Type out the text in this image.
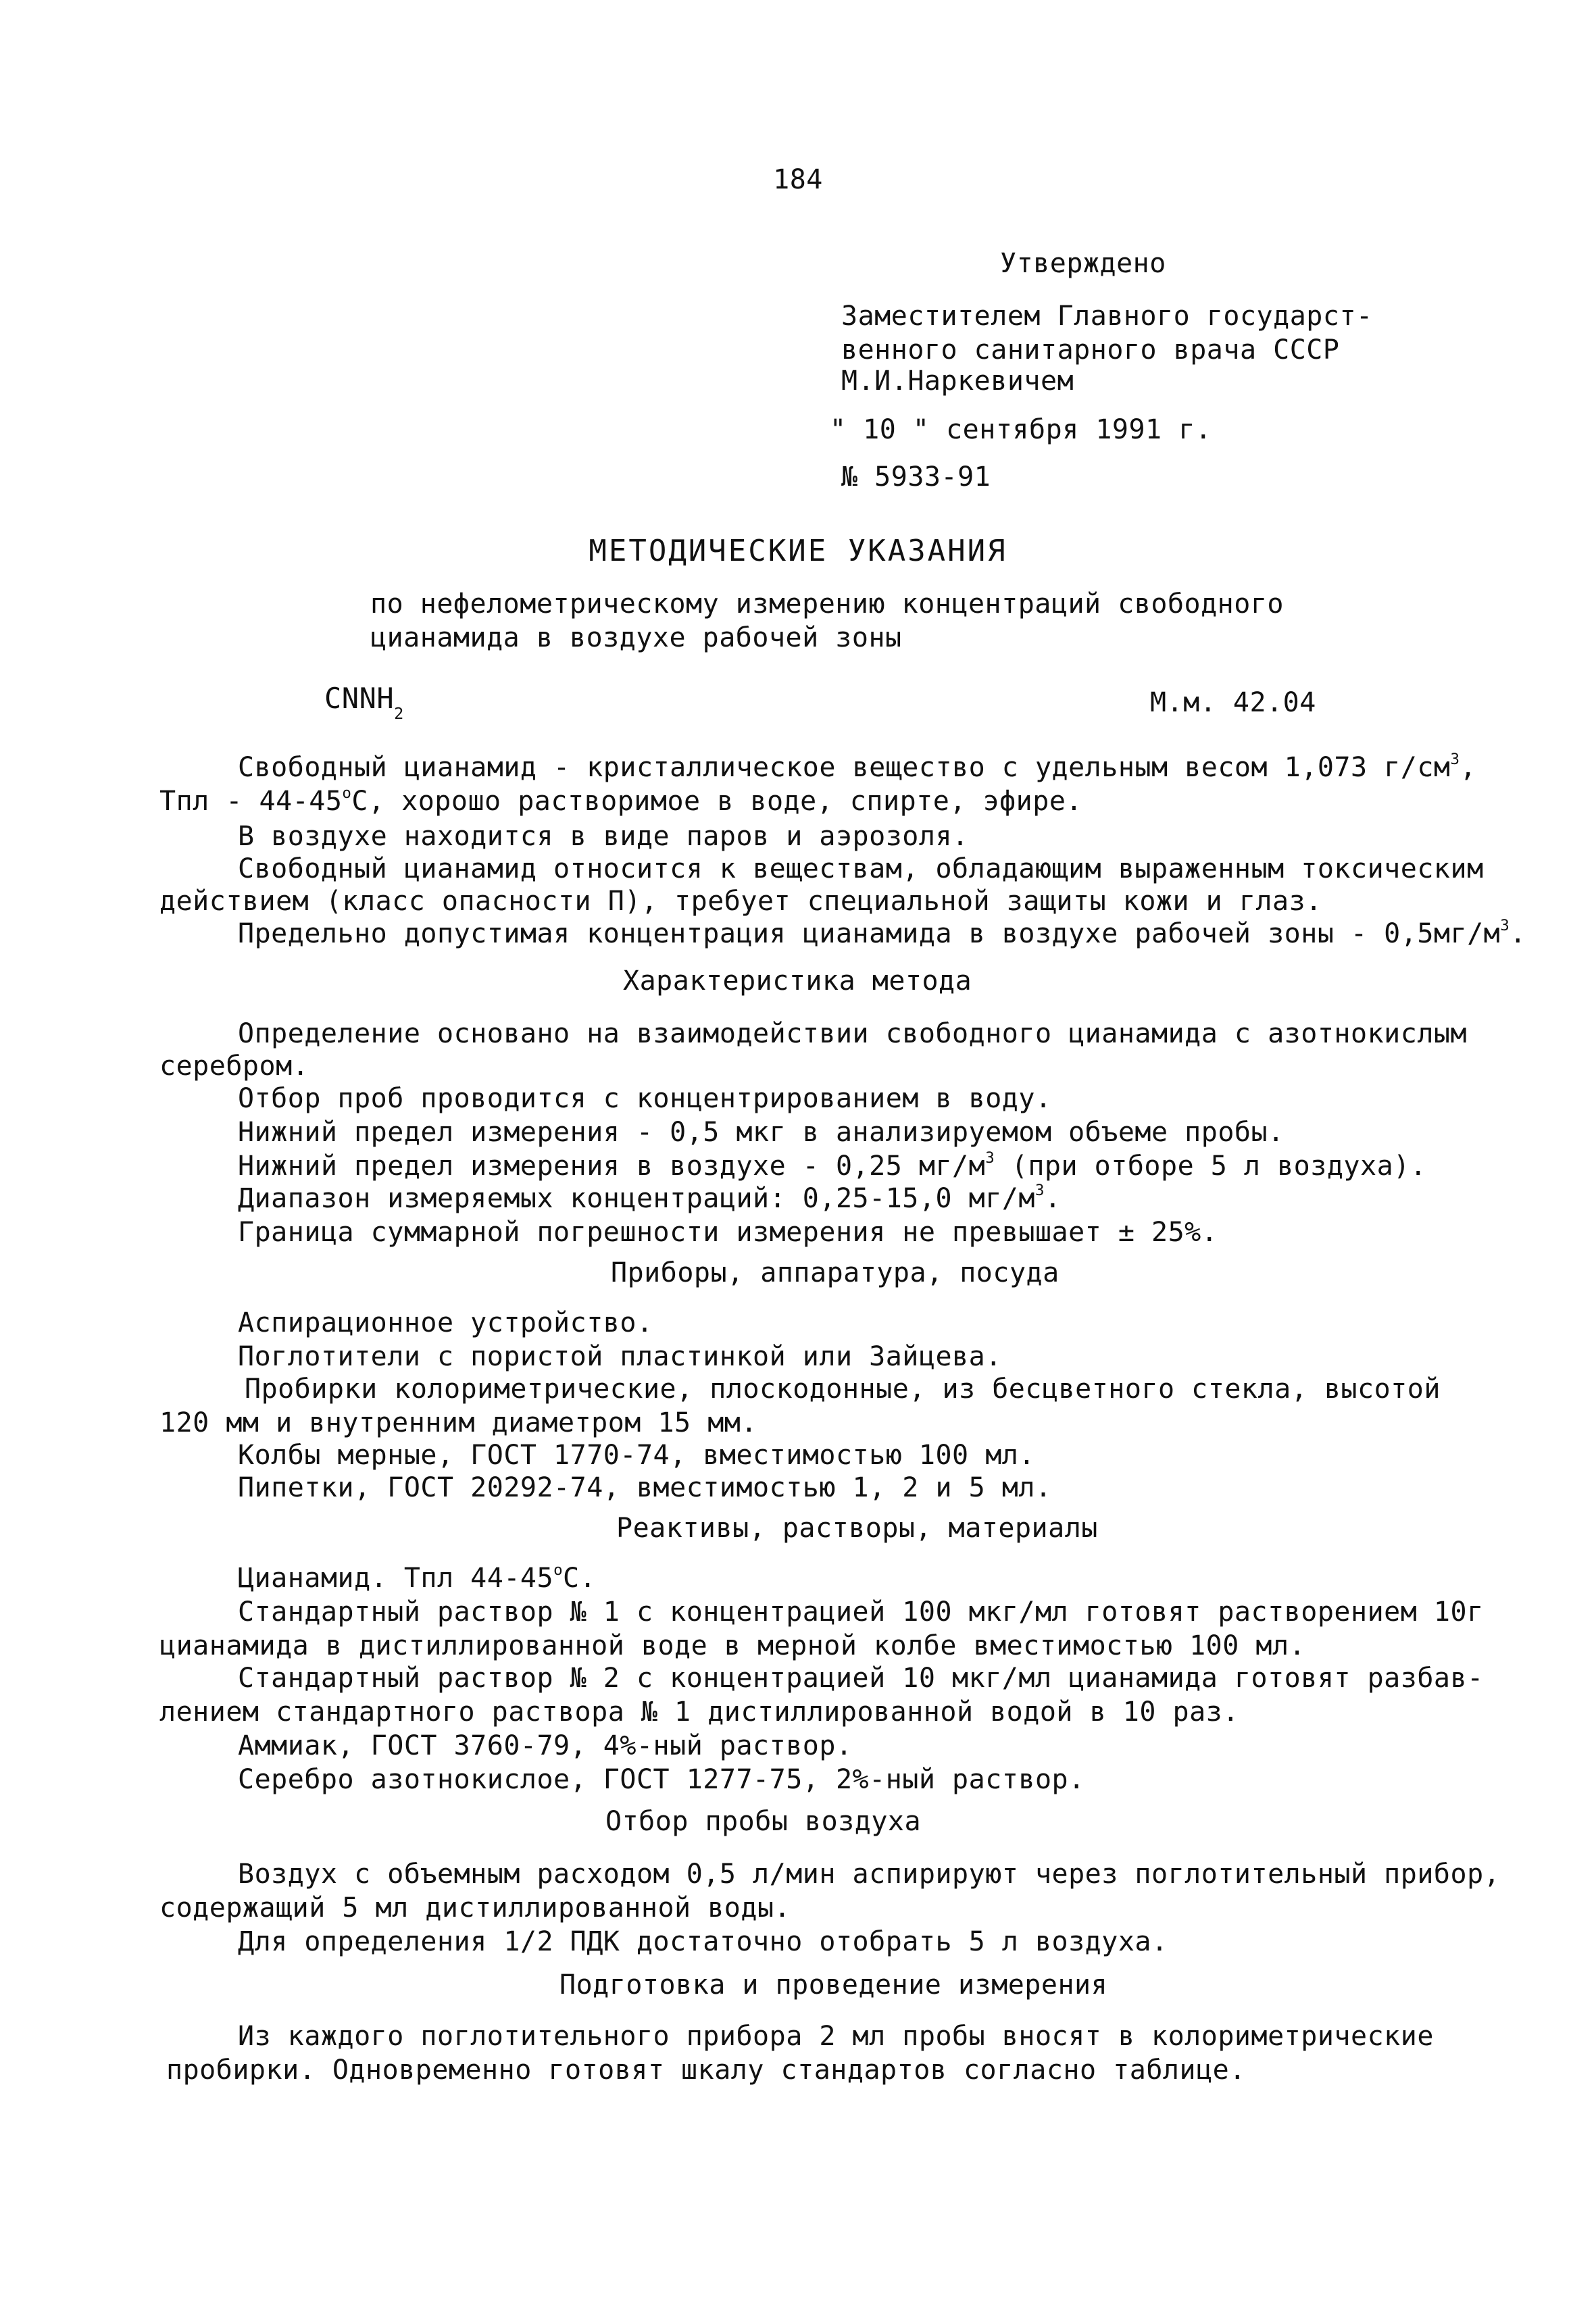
184
Утверждено
Заместителем Главного государст-
венного санитарного врача СССР
М.И.Наркевичем
" 10 " сентября 1991 г.
№ 5933-91
МЕТОДИЧЕСКИЕ УКАЗАНИЯ
по нефелометрическому измерению концентраций свободного
цианамида в воздухе рабочей зоны
$CNNH_2$	М.м. 42.04
Свободный цианамид - кристаллическое вещество с удельным весом 1,073 $г/см^3$,
Тпл - $44-45^оС$, хорошо растворимое в воде, спирте, эфире.
В воздухе находится в виде паров и аэрозоля.
Свободный цианамид относится к веществам, обладающим выраженным токсическим
действием (класс опасности П), требует специальной защиты кожи и глаз.
Предельно допустимая концентрация цианамида в воздухе рабочей зоны - $0,5мг/м^3$.
Характеристика метода
Определение основано на взаимодействии свободного цианамида с азотнокислым
серебром.
Отбор проб проводится с концентрированием в воду.
Нижний предел измерения - 0,5 мкг в анализируемом объеме пробы.
Нижний предел измерения в воздухе - 0,25 $мг/м^3$ (при отборе 5 л воздуха).
Диапазон измеряемых концентраций: 0,25-15,0 $мг/м^3$.
Граница суммарной погрешности измерения не превышает ± 25%.
Приборы, аппаратура, посуда
Аспирационное устройство.
Поглотители с пористой пластинкой или Зайцева.
Пробирки колориметрические, плоскодонные, из бесцветного стекла, высотой
120 мм и внутренним диаметром 15 мм.
Колбы мерные, ГОСТ 1770-74, вместимостью 100 мл.
Пипетки, ГОСТ 20292-74, вместимостью 1, 2 и 5 мл.
Реактивы, растворы, материалы
Цианамид. Тпл $44-45^оС$.
Стандартный раствор № 1 с концентрацией 100 мкг/мл готовят растворением 10г
цианамида в дистиллированной воде в мерной колбе вместимостью 100 мл.
Стандартный раствор № 2 с концентрацией 10 мкг/мл цианамида готовят разбав-
лением стандартного раствора № 1 дистиллированной водой в 10 раз.
Аммиак, ГОСТ 3760-79, 4%-ный раствор.
Серебро азотнокислое, ГОСТ 1277-75, 2%-ный раствор.
Отбор пробы воздуха
Воздух с объемным расходом 0,5 л/мин аспирируют через поглотительный прибор,
содержащий 5 мл дистиллированной воды.
Для определения 1/2 ПДК достаточно отобрать 5 л воздуха.
Подготовка и проведение измерения
Из каждого поглотительного прибора 2 мл пробы вносят в колориметрические
пробирки. Одновременно готовят шкалу стандартов согласно таблице.
